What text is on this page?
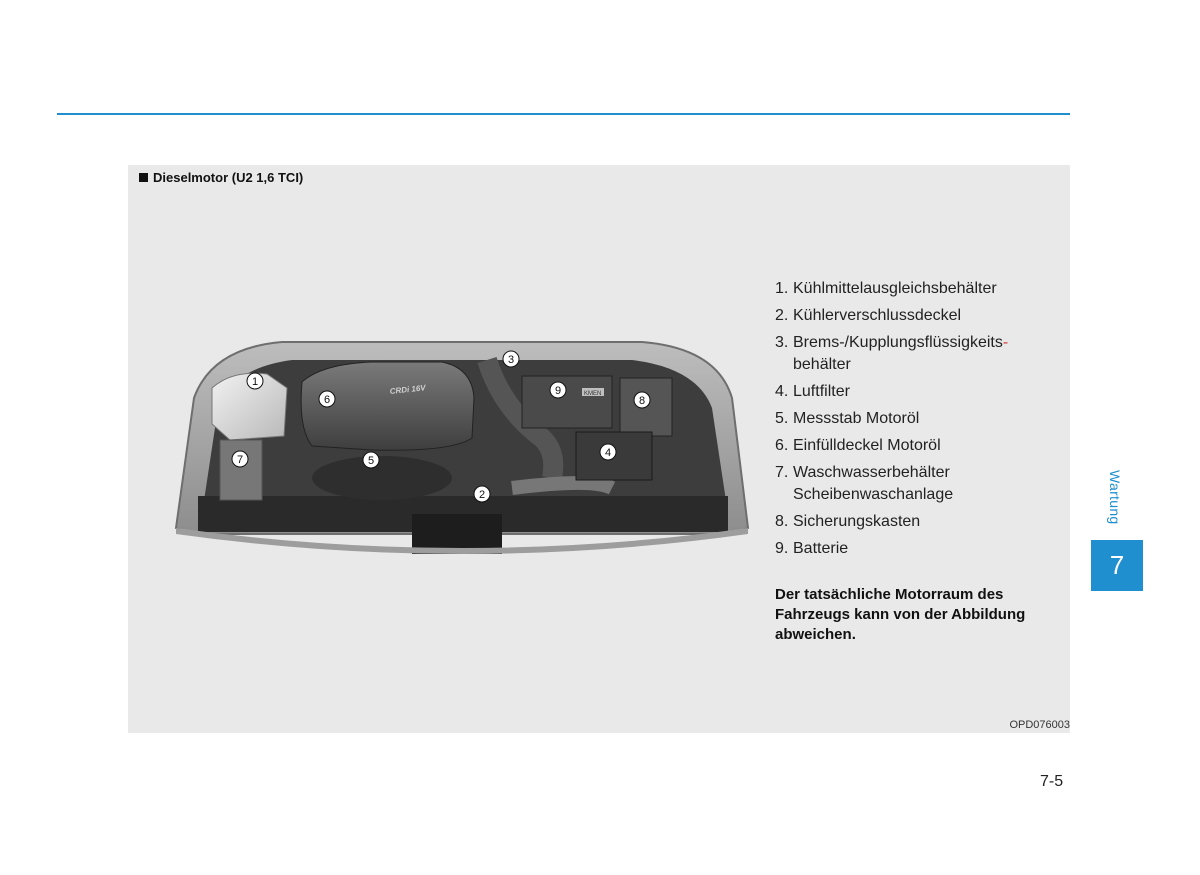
Dieselmotor (U2 1,6 TCI)
CRDi 16V	KMEN
1
2
3
4
5
6
7
8
9
1. Kühlmittelausgleichsbehälter
2. Kühlerverschlussdeckel
3. Brems-/Kupplungsflüssigkeits-
behälter
4. Luftfilter
5. Messstab Motoröl
6. Einfülldeckel Motoröl
7. Waschwasserbehälter
Scheibenwaschanlage
8. Sicherungskasten
9. Batterie
Der tatsächliche Motorraum des Fahrzeugs kann von der Abbildung abweichen.
OPD076003
Wartung
7
7-5
